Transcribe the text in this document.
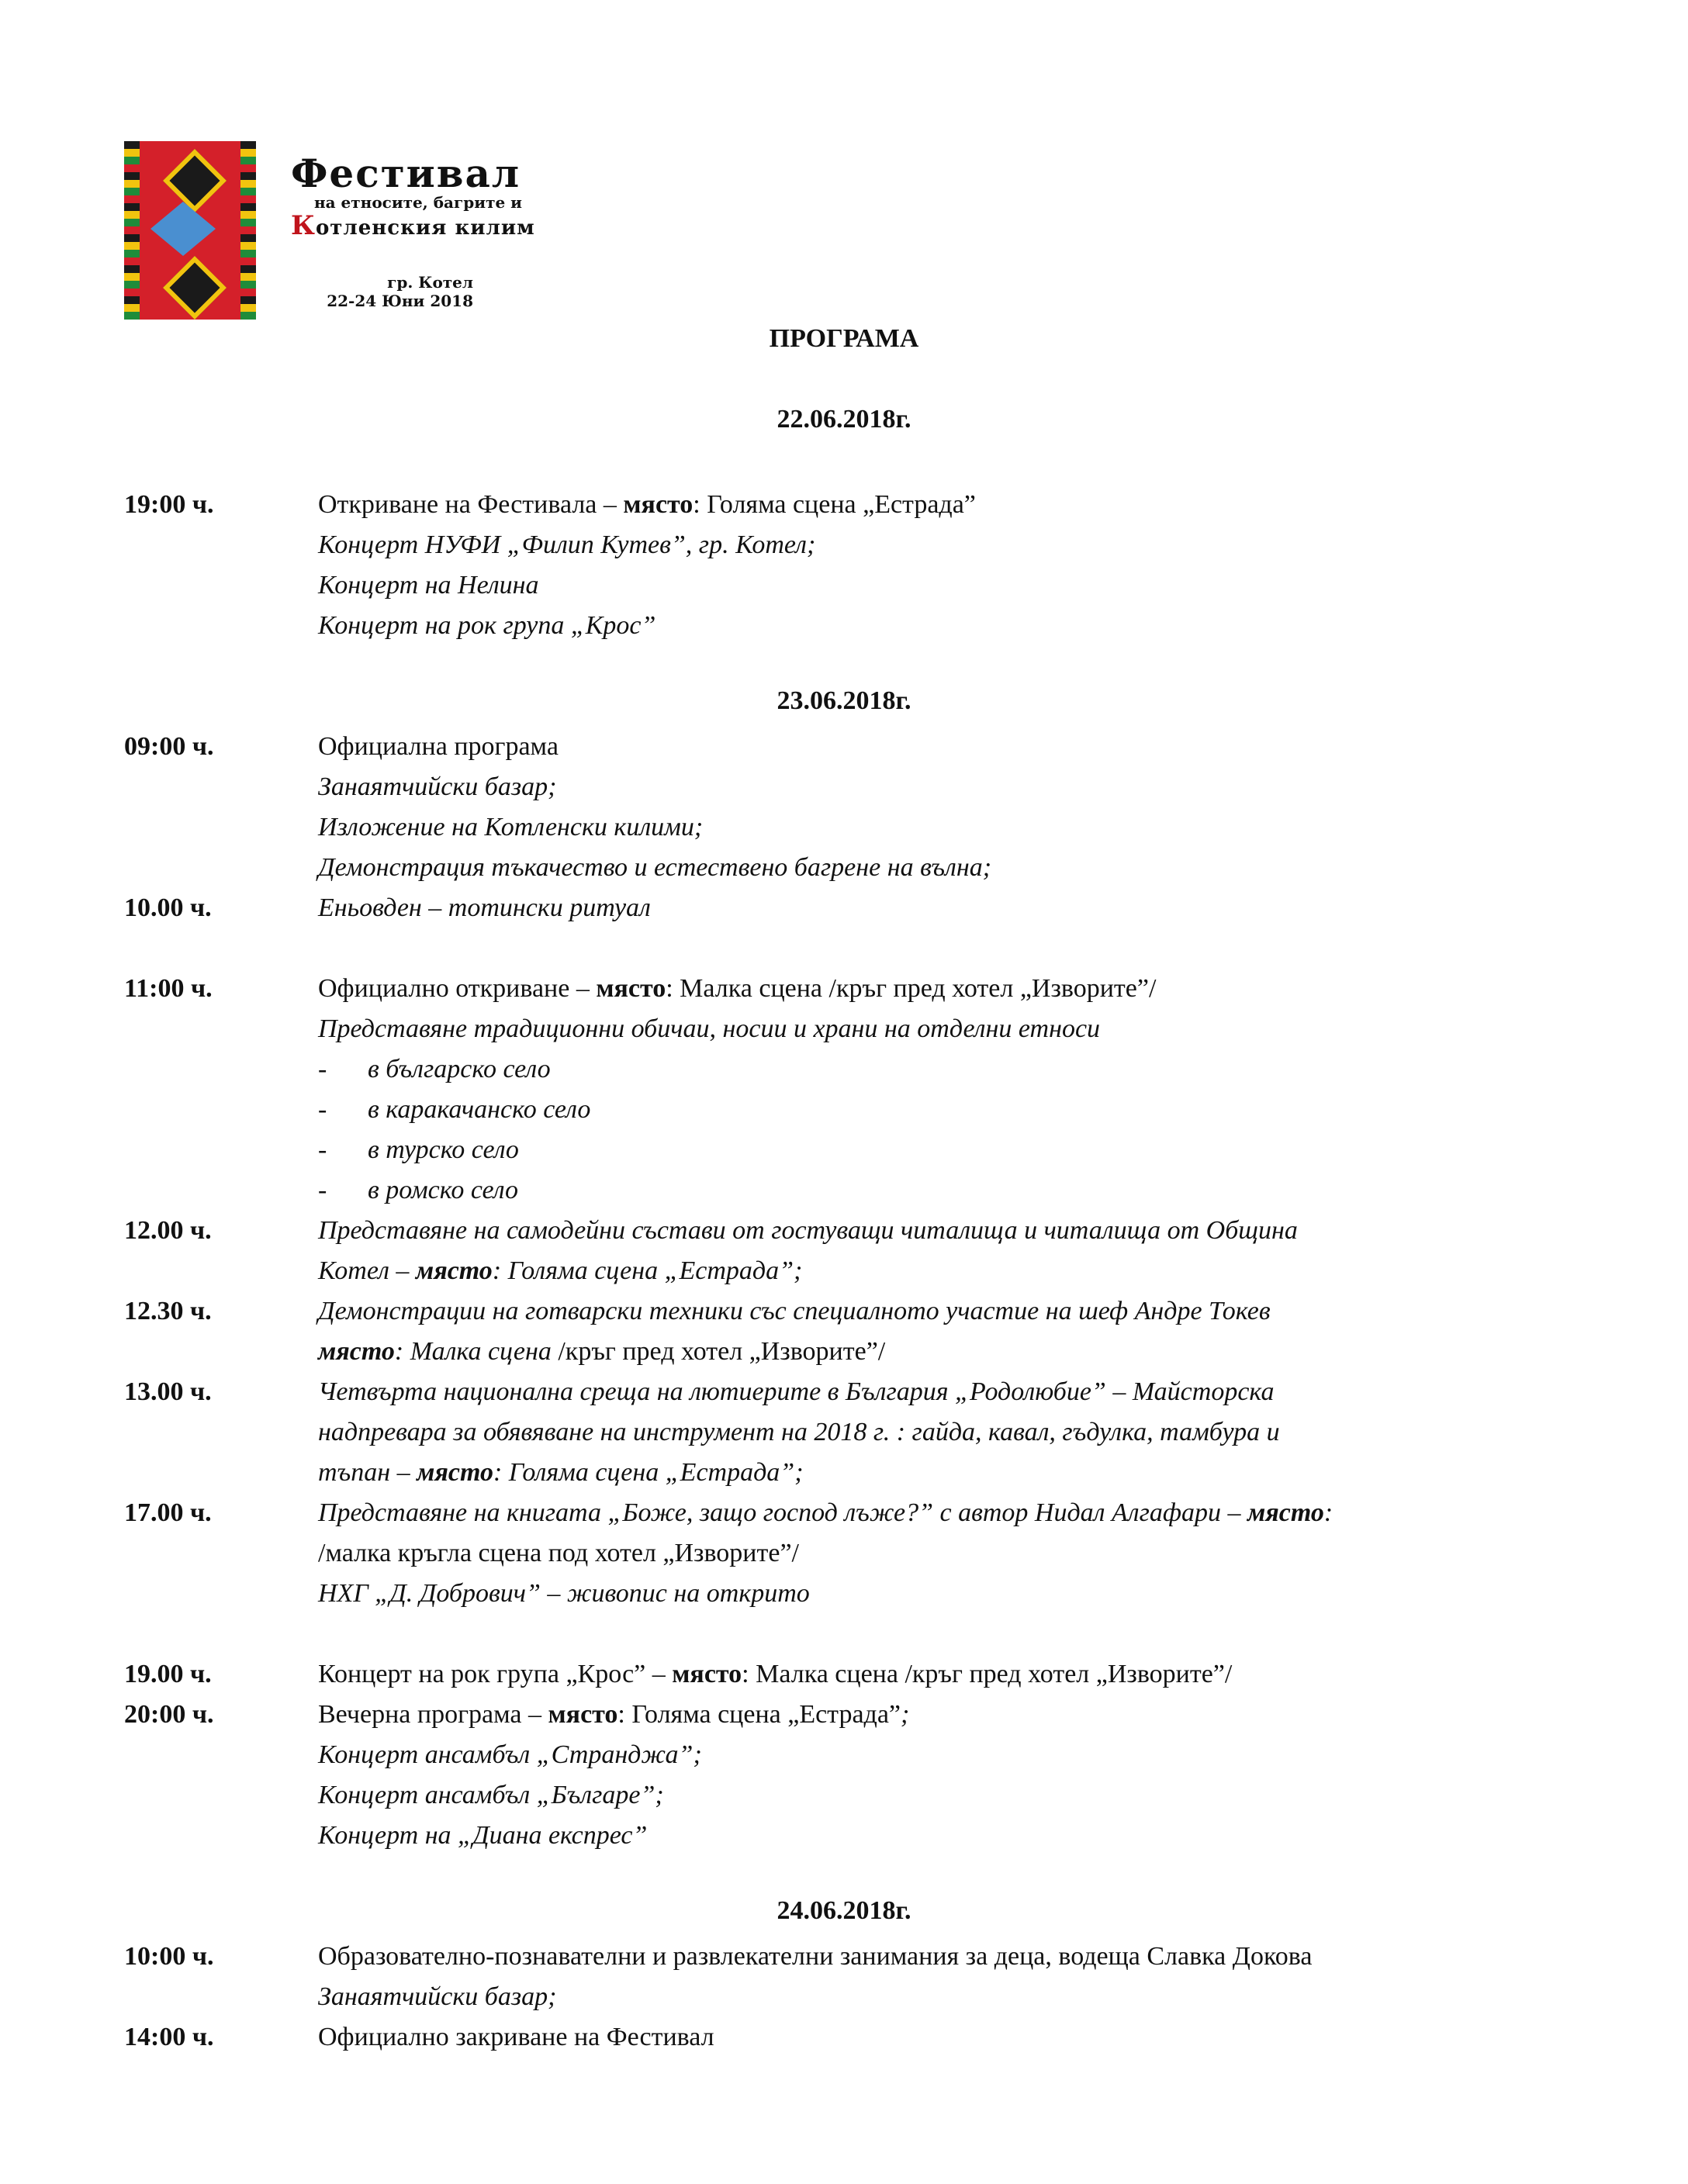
Фестивал
на етносите, багрите и
Котленския килим
гр. Котел
22-24 Юни 2018
ПРОГРАМА
22.06.2018г.
19:00 ч.	Откриване на Фестивала – място: Голяма сцена „Естрада”
Концерт НУФИ „Филип Кутев”, гр. Котел;
Концерт на Нелина
Концерт на рок група „Крос”
23.06.2018г.
09:00 ч.	Официална програма
Занаятчийски базар;
Изложение на Котленски килими;
Демонстрация тъкачество и естествено багрене на вълна;
10.00 ч.	Еньовден – momински ритуал
11:00 ч.	Официално откриване – място: Малка сцена /кръг пред хотел „Изворите”/
Представяне традиционни обичаи, носии и храни на отделни етноси
- в българско село
- в каракачанско село
- в турско село
- в ромско село
12.00 ч.	Представяне на самодейни състави от гостуващи читалища и читалища от Община
Котел – място: Голяма сцена „Естрада”;
12.30 ч.	Демонстрации на готварски техники със специалното участие на шеф Андре Токев
място: Малка сцена /кръг пред хотел „Изворите”/
13.00 ч.	Четвърта национална среща на лютиерите в България „Родолюбие” – Майсторска
надпревара за обявяване на инструмент на 2018 г. : гайда, кавал, гъдулка, тамбура и
тъпан – място: Голяма сцена „Естрада”;
17.00 ч.	Представяне на книгата „Боже, защо господ лъже?” с автор Нидал Алгафари – място:
/малка кръгла сцена под хотел „Изворите”/
НХГ „Д. Добрович” – живопис на открито
19.00 ч.	Концерт на рок група „Крос” – място: Малка сцена /кръг пред хотел „Изворите”/
20:00 ч.	Вечерна програма – място: Голяма сцена „Естрада”;
Концерт ансамбъл „Странджа”;
Концерт ансамбъл „Българе”;
Концерт на „Диана експрес”
24.06.2018г.
10:00 ч.	Образователно-познавателни и развлекателни занимания за деца, водеща Славка Докова
Занаятчийски базар;
14:00 ч.	Официално закриване на Фестивал
